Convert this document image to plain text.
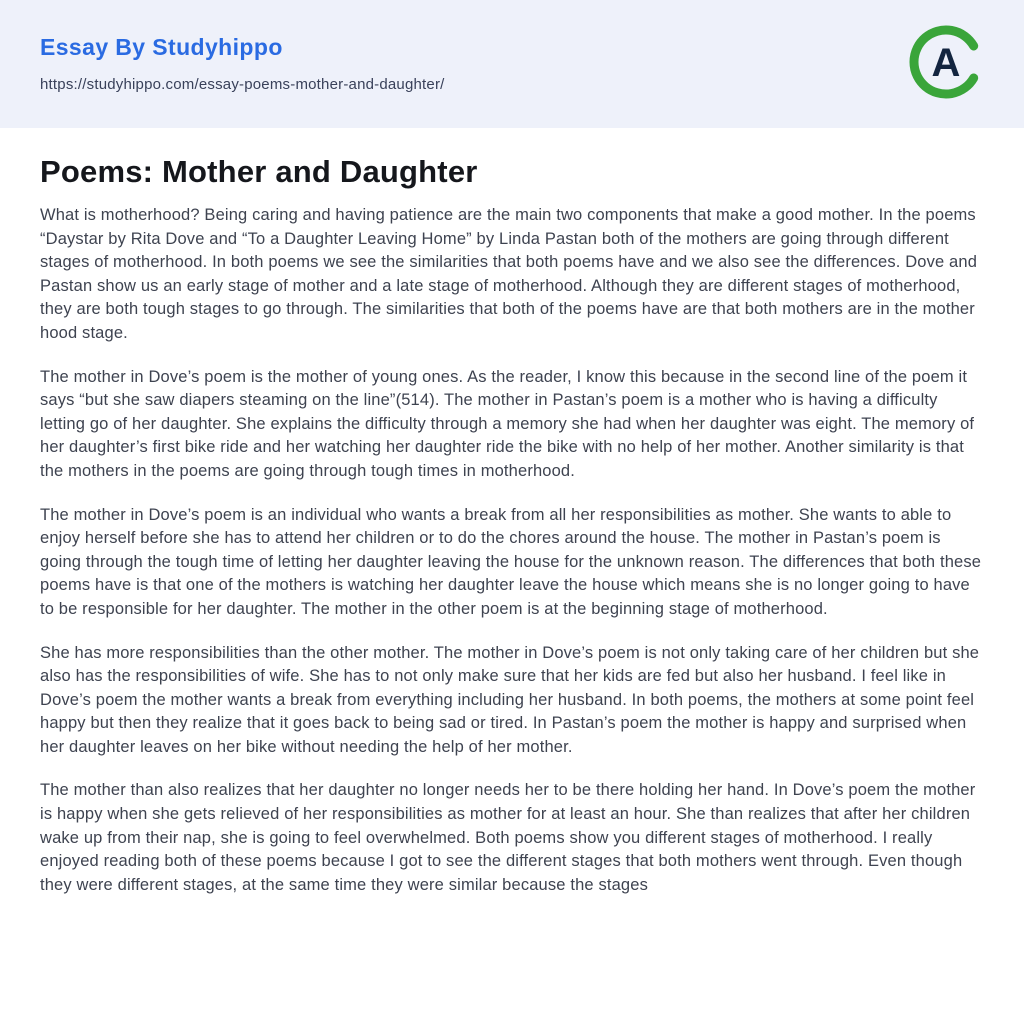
Essay By Studyhippo
https://studyhippo.com/essay-poems-mother-and-daughter/	A
Poems: Mother and Daughter

What is motherhood? Being caring and having patience are the main two components that make a good mother. In the poems “Daystar by Rita Dove and “To a Daughter Leaving Home” by Linda Pastan both of the mothers are going through different stages of motherhood. In both poems we see the similarities that both poems have and we also see the differences. Dove and Pastan show us an early stage of mother and a late stage of motherhood. Although they are different stages of motherhood, they are both tough stages to go through. The similarities that both of the poems have are that both mothers are in the mother hood stage.

The mother in Dove’s poem is the mother of young ones. As the reader, I know this because in the second line of the poem it says “but she saw diapers steaming on the line”(514). The mother in Pastan’s poem is a mother who is having a difficulty letting go of her daughter. She explains the difficulty through a memory she had when her daughter was eight. The memory of her daughter’s first bike ride and her watching her daughter ride the bike with no help of her mother. Another similarity is that the mothers in the poems are going through tough times in motherhood.

The mother in Dove’s poem is an individual who wants a break from all her responsibilities as mother. She wants to able to enjoy herself before she has to attend her children or to do the chores around the house. The mother in Pastan’s poem is going through the tough time of letting her daughter leaving the house for the unknown reason. The differences that both these poems have is that one of the mothers is watching her daughter leave the house which means she is no longer going to have to be responsible for her daughter. The mother in the other poem is at the beginning stage of motherhood.

She has more responsibilities than the other mother. The mother in Dove’s poem is not only taking care of her children but she also has the responsibilities of wife. She has to not only make sure that her kids are fed but also her husband. I feel like in Dove’s poem the mother wants a break from everything including her husband. In both poems, the mothers at some point feel happy but then they realize that it goes back to being sad or tired. In Pastan’s poem the mother is happy and surprised when her daughter leaves on her bike without needing the help of her mother.

The mother than also realizes that her daughter no longer needs her to be there holding her hand. In Dove’s poem the mother is happy when she gets relieved of her responsibilities as mother for at least an hour. She than realizes that after her children wake up from their nap, she is going to feel overwhelmed. Both poems show you different stages of motherhood. I really enjoyed reading both of these poems because I got to see the different stages that both mothers went through. Even though they were different stages, at the same time they were similar because the stages
